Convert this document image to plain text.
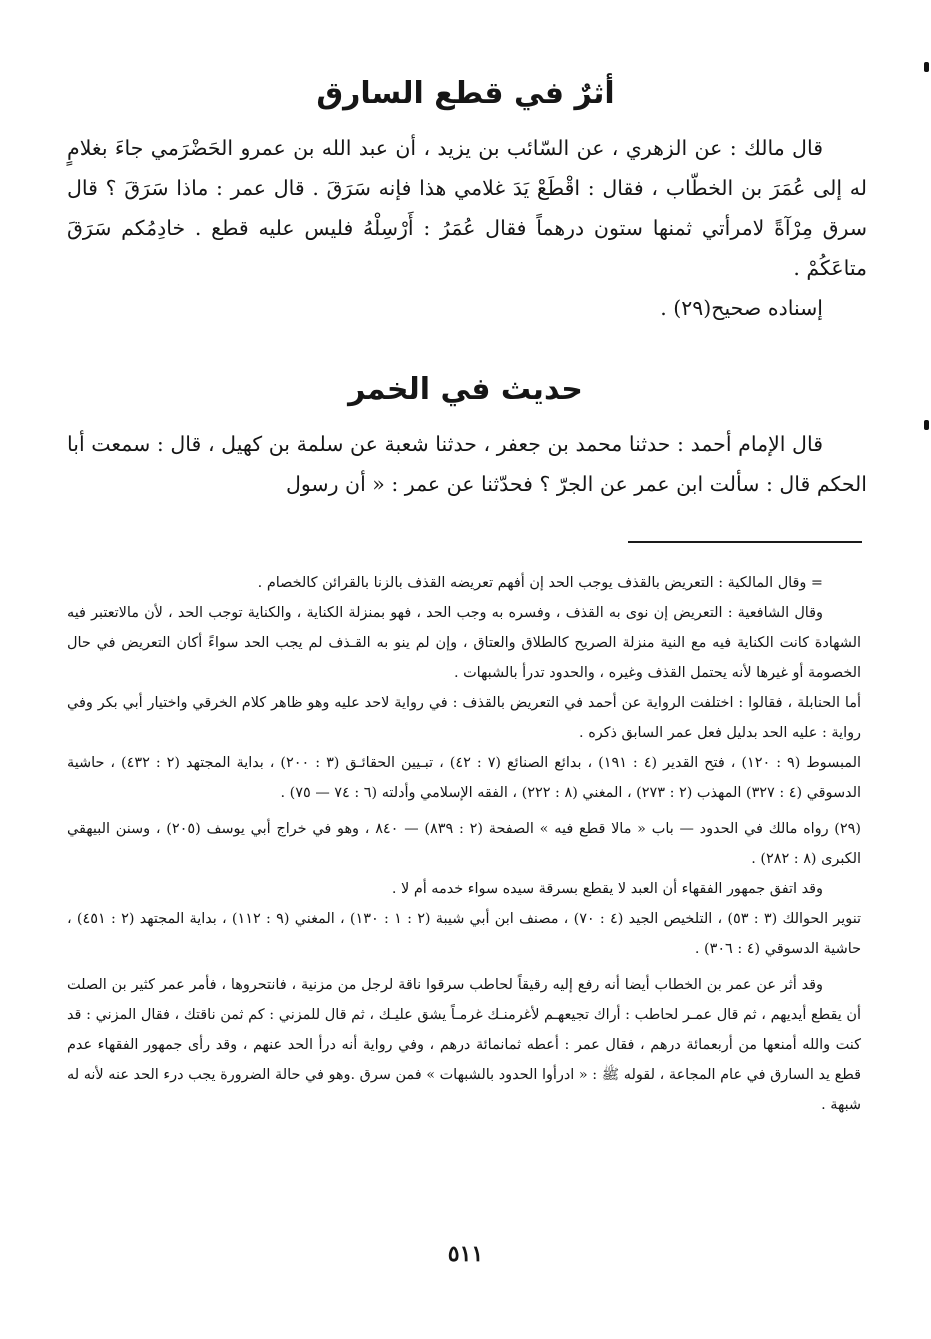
أثرٌ في قطع السارق

قال مالك : عن الزهري ، عن السّائب بن يزيد ، أن عبد الله بن عمرو الحَضْرَمي جاءَ بغلامٍ له إلى عُمَرَ بن الخطّاب ، فقال : اقْطَعْ يَدَ غلامي هذا فإنه سَرَقَ . قال عمر : ماذا سَرَقَ ؟ قال سرق مِرْآةً لامرأتي ثمنها ستون درهماً فقال عُمَرُ : أَرْسِلْهُ فليس عليه قطع . خادِمُكم سَرَقَ متاعَكُمْ .

إسناده صحيح(٢٩) .

حديث في الخمر

قال الإمام أحمد : حدثنا محمد بن جعفر ، حدثنا شعبة عن سلمة بن كهيل ، قال : سمعت أبا الحكم قال : سألت ابن عمر عن الجرّ ؟ فحدّثنا عن عمر : « أن رسول

= وقال المالكية : التعريض بالقذف يوجب الحد إن أفهم تعريضه القذف بالزنا بالقرائن كالخصام .

وقال الشافعية : التعريض إن نوى به القذف ، وفسره به وجب الحد ، فهو بمنزلة الكناية ، والكناية توجب الحد ، لأن مالاتعتبر فيه الشهادة كانت الكناية فيه مع النية منزلة الصريح كالطلاق والعتاق ، وإن لم ينو به القـذف لم يجب الحد سواءً أكان التعريض في حال الخصومة أو غيرها لأنه يحتمل القذف وغيره ، والحدود تدرأ بالشبهات .

أما الحنابلة ، فقالوا : اختلفت الرواية عن أحمد في التعريض بالقذف : في رواية لاحد عليه وهو ظاهر كلام الخرقي واختيار أبي بكر وفي رواية : عليه الحد بدليل فعل عمر السابق ذكره .

المبسوط (٩ : ١٢٠) ، فتح القدير (٤ : ١٩١) ، بدائع الصنائع (٧ : ٤٢) ، تبـيين الحقائـق (٣ : ٢٠٠) ، بداية المجتهد (٢ : ٤٣٢) ، حاشية الدسوقي (٤ : ٣٢٧) المهذب (٢ : ٢٧٣) ، المغني (٨ : ٢٢٢) ، الفقه الإسلامي وأدلته (٦ : ٧٤ — ٧٥) .

(٢٩) رواه مالك في الحدود — باب « مالا قطع فيه » الصفحة (٢ : ٨٣٩) — ٨٤٠ ، وهو في خراج أبي يوسف (٢٠٥) ، وسنن البيهقي الكبرى (٨ : ٢٨٢) .

وقد اتفق جمهور الفقهاء أن العبد لا يقطع بسرقة سيده سواء خدمه أم لا .

تنوير الحوالك (٣ : ٥٣) ، التلخيص الجيد (٤ : ٧٠) ، مصنف ابن أبي شيبة (٢ : ١ : ١٣٠) ، المغني (٩ : ١١٢) ، بداية المجتهد (٢ : ٤٥١) ، حاشية الدسوقي (٤ : ٣٠٦) .

وقد أثر عن عمر بن الخطاب أيضا أنه رفع إليه رقيقاً لحاطب سرقوا ناقة لرجل من مزنية ، فانتحروها ، فأمر عمر كثير بن الصلت أن يقطع أيديهم ، ثم قال عمـر لحاطب : أراك تجيعهـم لأغرمنـك غرمـاً يشق عليـك ، ثم قال للمزني : كم ثمن ناقتك ، فقال المزني : قد كنت والله أمنعها من أربعمائة درهم ، فقال عمر : أعطه ثمانمائة درهم ، وفي رواية أنه درأ الحد عنهم ، وقد رأى جمهور الفقهاء عدم قطع يد السارق في عام المجاعة ، لقوله ﷺ : « ادرأوا الحدود بالشبهات » فمن سرق .وهو في حالة الضرورة يجب درء الحد عنه لأنه له شبهة .

٥١١
